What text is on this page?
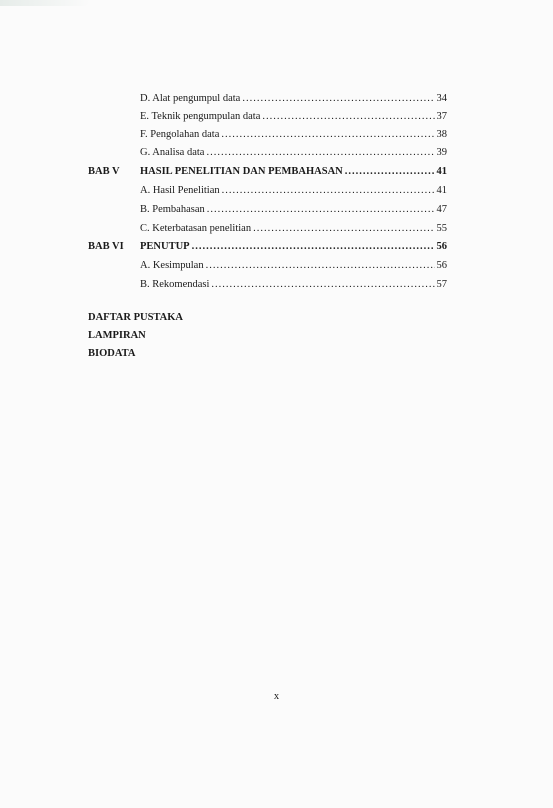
D. Alat pengumpul data .....	34
E. Teknik pengumpulan data .....	37
F. Pengolahan data .....	38
G. Analisa data .....	39
BAB V HASIL PENELITIAN DAN PEMBAHASAN .....	41
A. Hasil Penelitian .....	41
B. Pembahasan .....	47
C. Keterbatasan penelitian .....	55
BAB VI PENUTUP .....	56
A. Kesimpulan .....	56
B. Rekomendasi .....	57
DAFTAR PUSTAKA
LAMPIRAN
BIODATA
x
